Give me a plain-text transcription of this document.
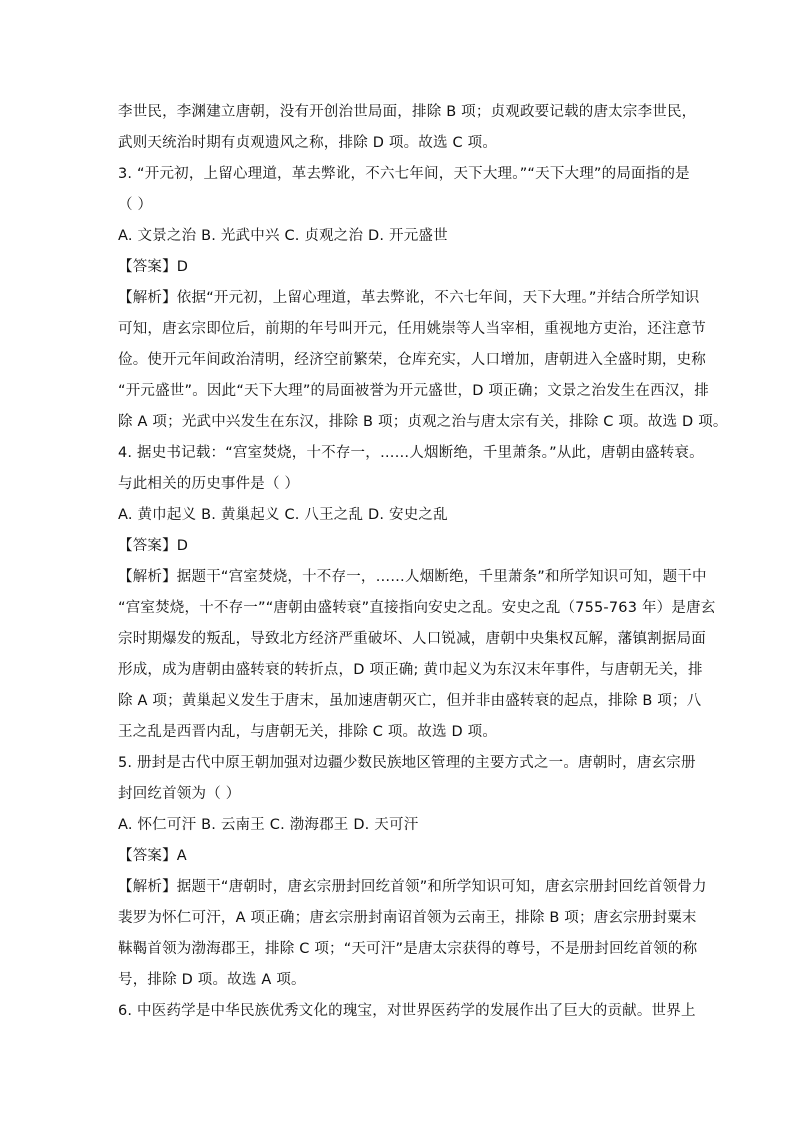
李世民，李渊建立唐朝，没有开创治世局面，排除 B 项；贞观政要记载的唐太宗李世民，
武则天统治时期有贞观遗风之称，排除 D 项。故选 C 项。
3. “开元初，上留心理道，革去弊讹，不六七年间，天下大理。”“天下大理”的局面指的是
（ ）
A. 文景之治 B. 光武中兴 C. 贞观之治 D. 开元盛世
【答案】D
【解析】依据“开元初，上留心理道，革去弊讹，不六七年间，天下大理。”并结合所学知识
可知，唐玄宗即位后，前期的年号叫开元，任用姚崇等人当宰相，重视地方吏治，还注意节
俭。使开元年间政治清明，经济空前繁荣，仓库充实，人口增加，唐朝进入全盛时期，史称
“开元盛世”。因此“天下大理”的局面被誉为开元盛世，D 项正确；文景之治发生在西汉，排
除 A 项；光武中兴发生在东汉，排除 B 项；贞观之治与唐太宗有关，排除 C 项。故选 D 项。
4. 据史书记载：“宫室焚烧，十不存一，……人烟断绝，千里萧条。”从此，唐朝由盛转衰。
与此相关的历史事件是（ ）
A. 黄巾起义 B. 黄巢起义 C. 八王之乱 D. 安史之乱
【答案】D
【解析】据题干“宫室焚烧，十不存一，……人烟断绝，千里萧条”和所学知识可知，题干中
“宫室焚烧，十不存一”“唐朝由盛转衰”直接指向安史之乱。安史之乱（755-763 年）是唐玄
宗时期爆发的叛乱，导致北方经济严重破坏、人口锐减，唐朝中央集权瓦解，藩镇割据局面
形成，成为唐朝由盛转衰的转折点，D 项正确; 黄巾起义为东汉末年事件，与唐朝无关，排
除 A 项；黄巢起义发生于唐末，虽加速唐朝灭亡，但并非由盛转衰的起点，排除 B 项；八
王之乱是西晋内乱，与唐朝无关，排除 C 项。故选 D 项。
5. 册封是古代中原王朝加强对边疆少数民族地区管理的主要方式之一。唐朝时，唐玄宗册
封回纥首领为（ ）
A. 怀仁可汗 B. 云南王 C. 渤海郡王 D. 天可汗
【答案】A
【解析】据题干“唐朝时，唐玄宗册封回纥首领”和所学知识可知，唐玄宗册封回纥首领骨力
裴罗为怀仁可汗，A 项正确；唐玄宗册封南诏首领为云南王，排除 B 项；唐玄宗册封粟末
靺鞨首领为渤海郡王，排除 C 项；“天可汗”是唐太宗获得的尊号，不是册封回纥首领的称
号，排除 D 项。故选 A 项。
6. 中医药学是中华民族优秀文化的瑰宝，对世界医药学的发展作出了巨大的贡献。世界上
